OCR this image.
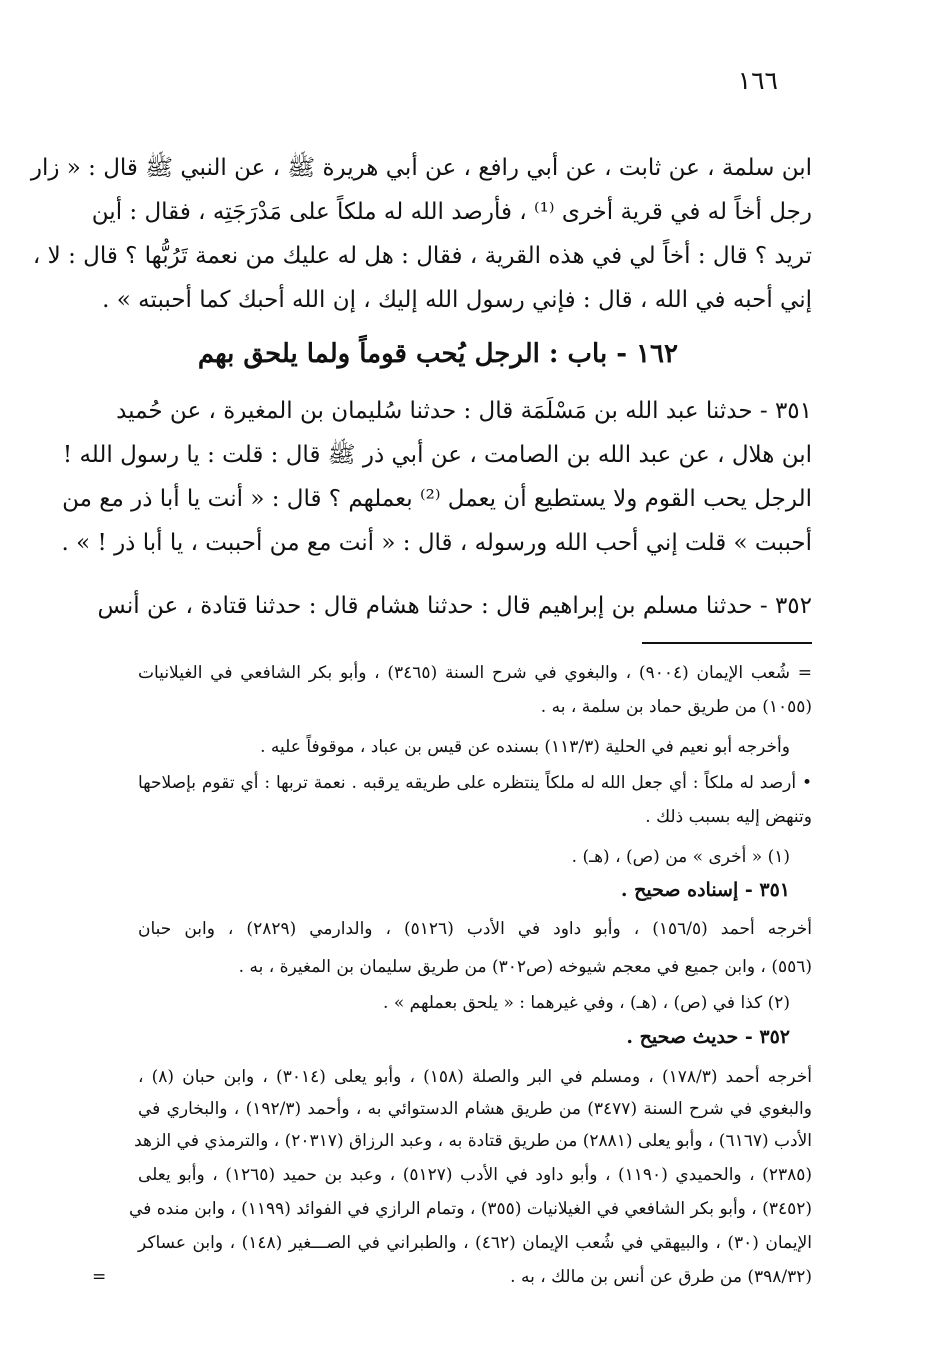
١٦٦
ابن سلمة ، عن ثابت ، عن أبي رافع ، عن أبي هريرة ﷺ ، عن النبي ﷺ قال : « زار
رجل أخاً له في قرية أخرى ⁽¹⁾ ، فأرصد الله له ملكاً على مَدْرَجَتِه ، فقال : أين
تريد ؟ قال : أخاً لي في هذه القرية ، فقال : هل له عليك من نعمة تَرُبُّها ؟ قال : لا ،
إني أحبه في الله ، قال : فإني رسول الله إليك ، إن الله أحبك كما أحببته » .
١٦٢ - باب : الرجل يُحب قوماً ولما يلحق بهم
٣٥١ - حدثنا عبد الله بن مَسْلَمَة قال : حدثنا سُليمان بن المغيرة ، عن حُميد
ابن هلال ، عن عبد الله بن الصامت ، عن أبي ذر ﷺ قال : قلت : يا رسول الله !
الرجل يحب القوم ولا يستطيع أن يعمل ⁽²⁾ بعملهم ؟ قال : « أنت يا أبا ذر مع من
أحببت » قلت إني أحب الله ورسوله ، قال : « أنت مع من أحببت ، يا أبا ذر ! » .
٣٥٢ - حدثنا مسلم بن إبراهيم قال : حدثنا هشام قال : حدثنا قتادة ، عن أنس
= شُعب الإيمان (٩٠٠٤) ، والبغوي في شرح السنة (٣٤٦٥) ، وأبو بكر الشافعي في الغيلانيات
(١٠٥٥) من طريق حماد بن سلمة ، به .
وأخرجه أبو نعيم في الحلية (١١٣/٣) بسنده عن قيس بن عباد ، موقوفاً عليه .
• أرصد له ملكاً : أي جعل الله له ملكاً ينتظره على طريقه يرقبه . نعمة تربها : أي تقوم بإصلاحها
وتنهض إليه بسبب ذلك .
(١) « أخرى » من (ص) ، (هـ) .
٣٥١ - إسناده صحيح .
أخرجه أحمد (١٥٦/٥) ، وأبو داود في الأدب (٥١٢٦) ، والدارمي (٢٨٢٩) ، وابن حبان
(٥٥٦) ، وابن جميع في معجم شيوخه (ص٣٠٢) من طريق سليمان بن المغيرة ، به .
(٢) كذا في (ص) ، (هـ) ، وفي غيرهما : « يلحق بعملهم » .
٣٥٢ - حديث صحيح .
أخرجه أحمد (١٧٨/٣) ، ومسلم في البر والصلة (١٥٨) ، وأبو يعلى (٣٠١٤) ، وابن حبان (٨) ،
والبغوي في شرح السنة (٣٤٧٧) من طريق هشام الدستوائي به ، وأحمد (١٩٢/٣) ، والبخاري في
الأدب (٦١٦٧) ، وأبو يعلى (٢٨٨١) من طريق قتادة به ، وعبد الرزاق (٢٠٣١٧) ، والترمذي في الزهد
(٢٣٨٥) ، والحميدي (١١٩٠) ، وأبو داود في الأدب (٥١٢٧) ، وعبد بن حميد (١٢٦٥) ، وأبو يعلى
(٣٤٥٢) ، وأبو بكر الشافعي في الغيلانيات (٣٥٥) ، وتمام الرازي في الفوائد (١١٩٩) ، وابن منده في
الإيمان (٣٠) ، والبيهقي في شُعب الإيمان (٤٦٢) ، والطبراني في الصـــغير (١٤٨) ، وابن عساكر
(٣٩٨/٣٢) من طرق عن أنس بن مالك ، به .
=
